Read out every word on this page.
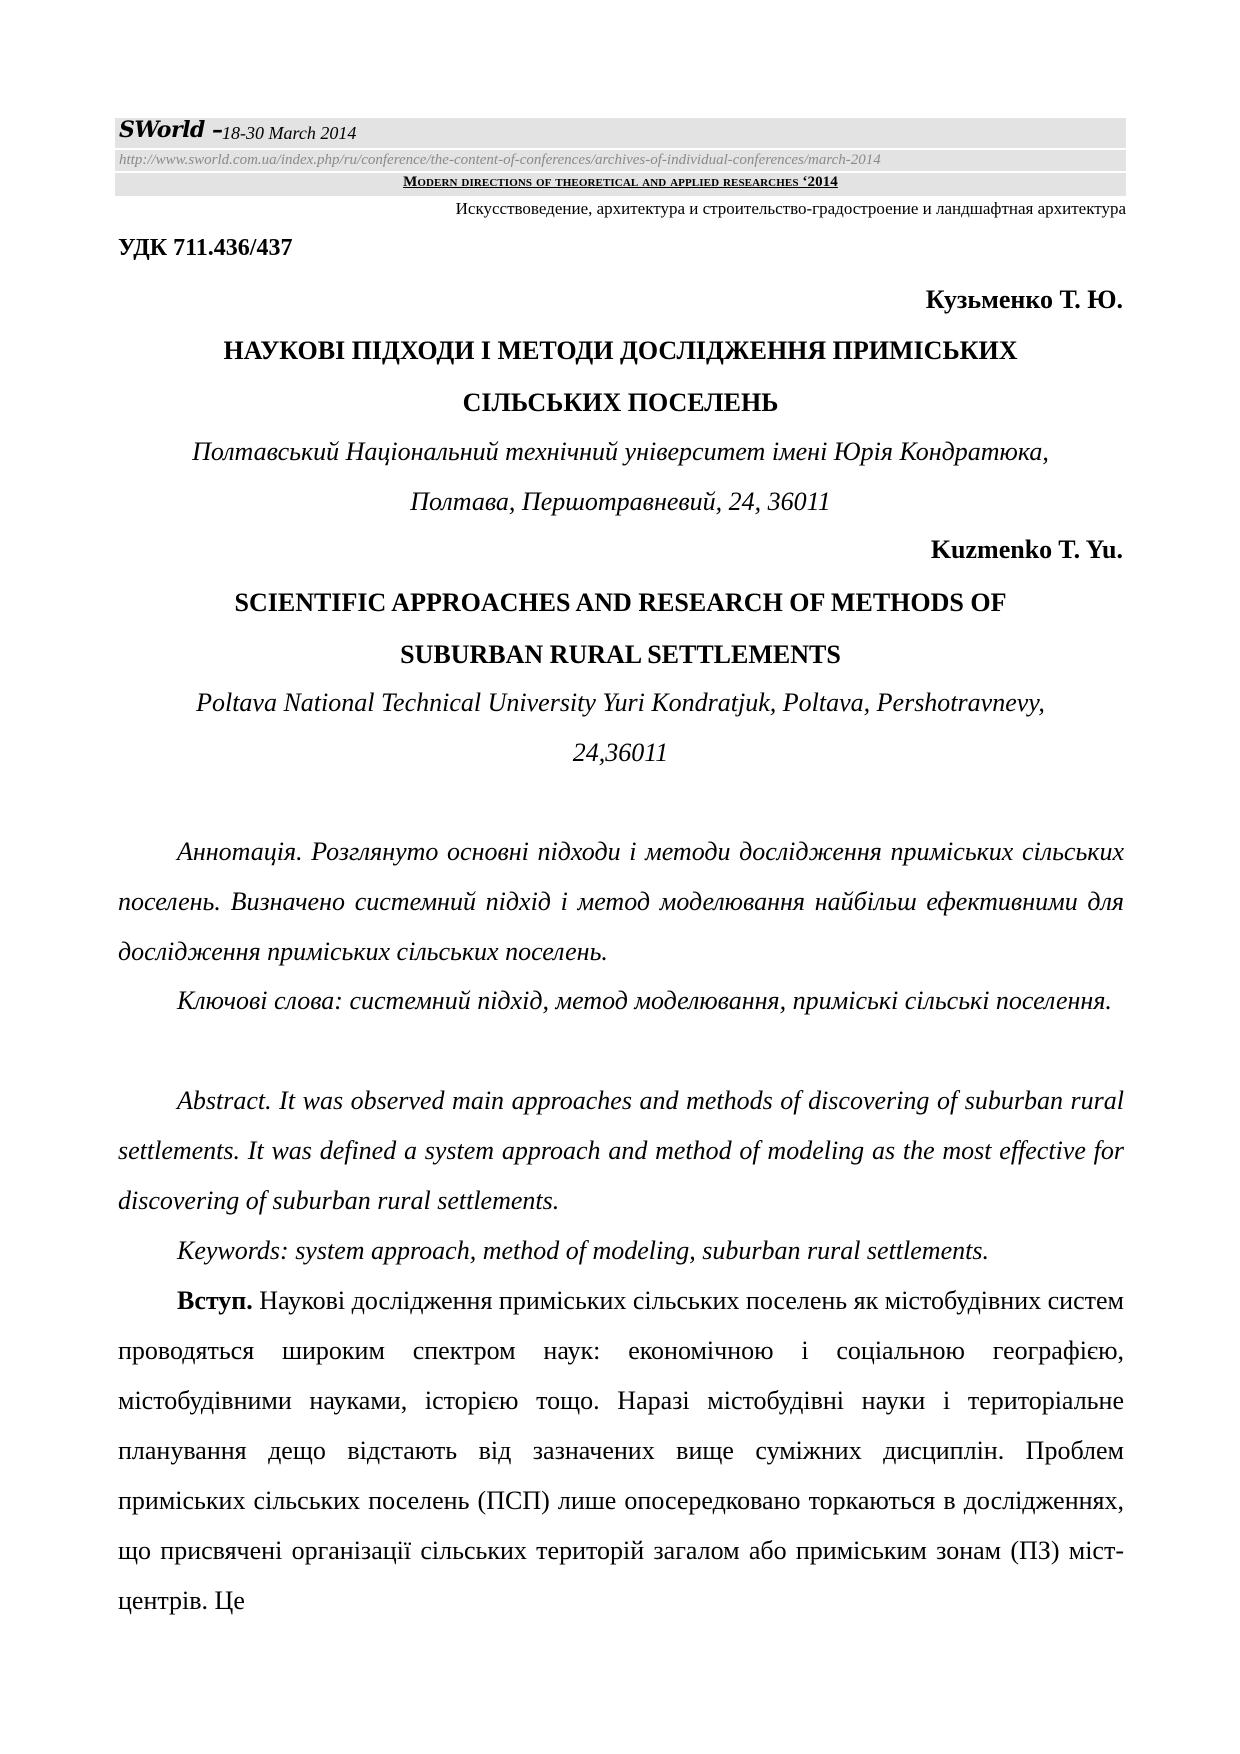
SWorld – 18-30 March 2014
http://www.sworld.com.ua/index.php/ru/conference/the-content-of-conferences/archives-of-individual-conferences/march-2014
Modern directions of theoretical and applied researches ‘2014
Искусствоведение, архитектура и строительство-градостроение и ландшафтная архитектура
УДК 711.436/437
Кузьменко Т. Ю.
НАУКОВІ ПІДХОДИ І МЕТОДИ ДОСЛІДЖЕННЯ ПРИМІСЬКИХ
СІЛЬСЬКИХ ПОСЕЛЕНЬ
Полтавський Національний технічний університет імені Юрія Кондратюка,
Полтава, Першотравневий, 24, 36011
Kuzmenko T. Yu.
SCIENTIFIC APPROACHES AND RESEARCH OF METHODS OF
SUBURBAN RURAL SETTLEMENTS
Poltava National Technical University Yuri Kondratjuk, Poltava, Pershotravnevy,
24,36011

Аннотація. Розглянуто основні підходи і методи дослідження приміських сільських поселень. Визначено системний підхід і метод моделювання найбільш ефективними для дослідження приміських сільських поселень.

Ключові слова: системний підхід, метод моделювання, приміські сільські поселення.

Abstract. It was observed main approaches and methods of discovering of suburban rural settlements. It was defined a system approach and method of modeling as the most effective for discovering of suburban rural settlements.

Keywords: system approach, method of modeling, suburban rural settlements.

Вступ. Наукові дослідження приміських сільських поселень як містобудівних систем проводяться широким спектром наук: економічною і соціальною географією, містобудівними науками, історією тощо. Наразі містобудівні науки і територіальне планування дещо відстають від зазначених вище суміжних дисциплін. Проблем приміських сільських поселень (ПСП) лише опосередковано торкаються в дослідженнях, що присвячені організації сільських територій загалом або приміським зонам (ПЗ) міст-центрів. Це
